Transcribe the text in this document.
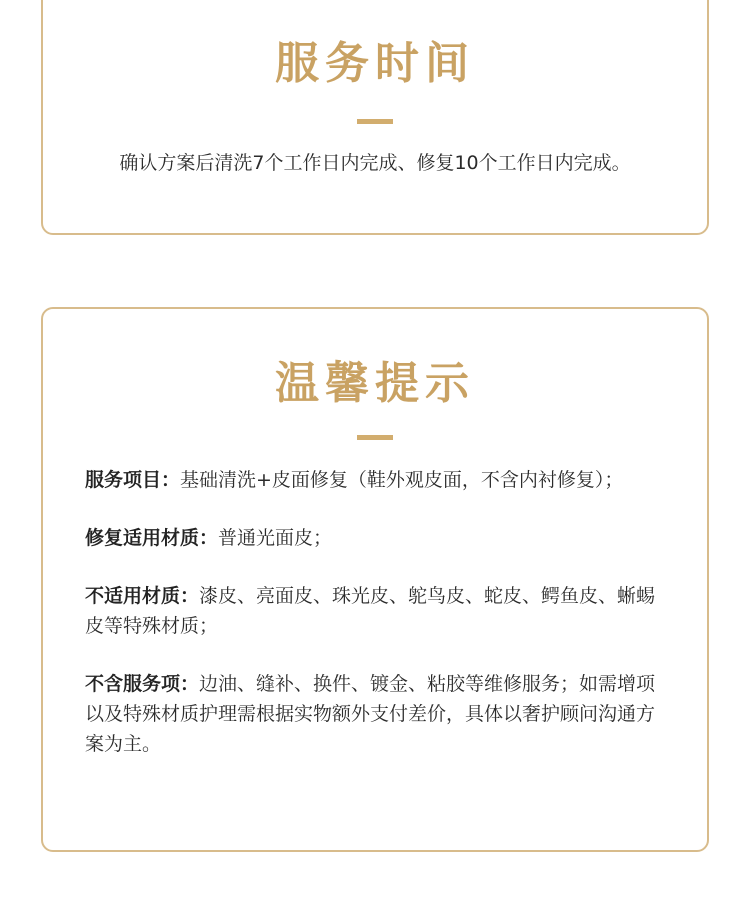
服务时间
确认方案后清洗7个工作日内完成、修复10个工作日内完成。
温馨提示

服务项目：基础清洗+皮面修复（鞋外观皮面，不含内衬修复）；

修复适用材质：普通光面皮；

不适用材质：漆皮、亮面皮、珠光皮、鸵鸟皮、蛇皮、鳄鱼皮、蜥蜴皮等特殊材质；

不含服务项：边油、缝补、换件、镀金、粘胶等维修服务；如需增项以及特殊材质护理需根据实物额外支付差价，具体以奢护顾问沟通方案为主。
